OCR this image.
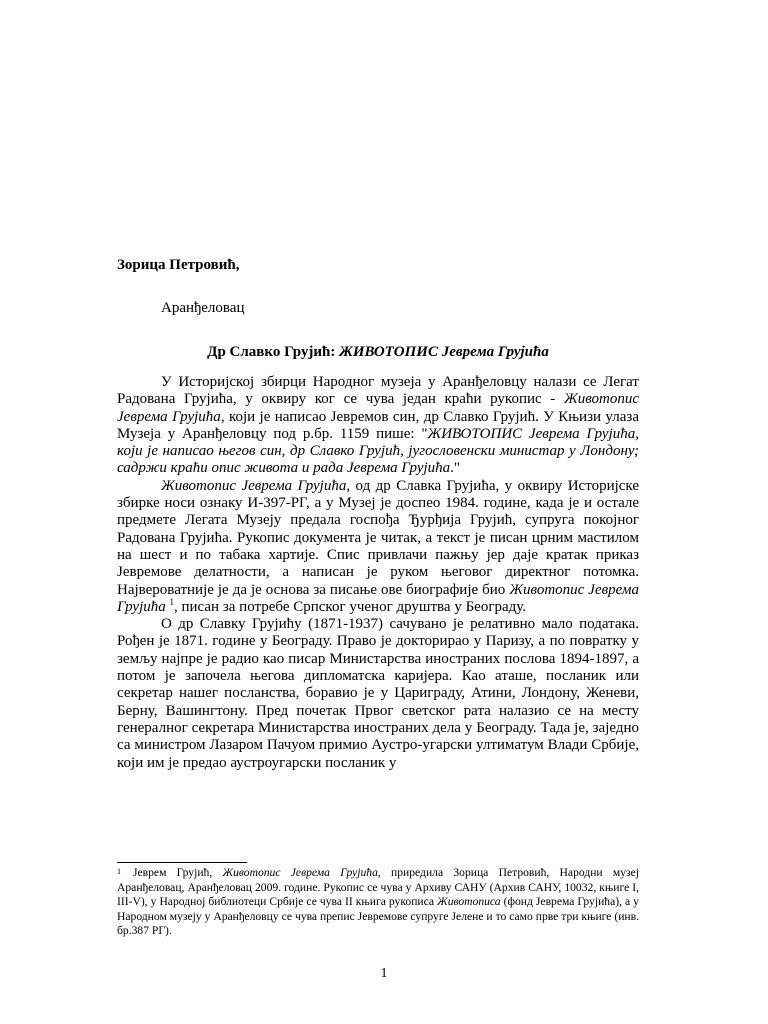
Зорица Петровић,

Аранђеловац

Др Славко Грујић: ЖИВОТОПИС Јеврема Грујића

У Историјској збирци Народног музеја у Аранђеловцу налази се Легат Радована Грујића, у оквиру ког се чува један краћи рукопис - Животопис Јеврема Грујића, који је написао Јевремов син, др Славко Грујић. У Књизи улаза Музеја у Аранђеловцу под р.бр. 1159 пише: "ЖИВОТОПИС Јеврема Грујића, који је написао његов син, др Славко Грујић, југословенски министар у Лондону; садржи краћи опис живота и рада Јеврема Грујића."

Животопис Јеврема Грујића, од др Славка Грујића, у оквиру Историјске збирке носи ознаку И-397-РГ, а у Музеј је доспео 1984. године, када је и остале предмете Легата Музеју предала госпођа Ђурђија Грујић, супруга покојног Радована Грујића. Рукопис документа је читак, а текст је писан црним мастилом на шест и по табака хартије. Спис привлачи пажњу јер даје кратак приказ Јевремове делатности, а написан је руком његовог директног потомка. Највероватније је да је основа за писање ове биографије био Животопис Јеврема Грујића $^1$, писан за потребе Српског ученог друштва у Београду.

О др Славку Грујићу (1871-1937) сачувано је релативно мало података. Рођен је 1871. године у Београду. Право је докторирао у Паризу, а по повратку у земљу најпре је радио као писар Министарства иностраних послова 1894-1897, а потом је започела његова дипломатска каријера. Као аташе, посланик или секретар нашег посланства, боравио је у Цариграду, Атини, Лондону, Женеви, Берну, Вашингтону. Пред почетак Првог светског рата налазио се на месту генералног секретара Министарства иностраних дела у Београду. Тада је, заједно са министром Лазаром Пачуом примио Аустро-угарски ултиматум Влади Србије, који им је предао аустроугарски посланик у

1 Јеврем Грујић, Животопис Јеврема Грујића, приредила Зорица Петровић, Народни музеј Аранђеловац, Аранђеловац 2009. године. Рукопис се чува у Архиву САНУ (Архив САНУ, 10032, књиге I, III-V), у Народној библиотеци Србије се чува II књига рукописа Животописа (фонд Јеврема Грујића), а у Народном музеју у Аранђеловцу се чува препис Јевремове супруге Јелене и то само прве три књиге (инв. бр.387 РГ).
1
